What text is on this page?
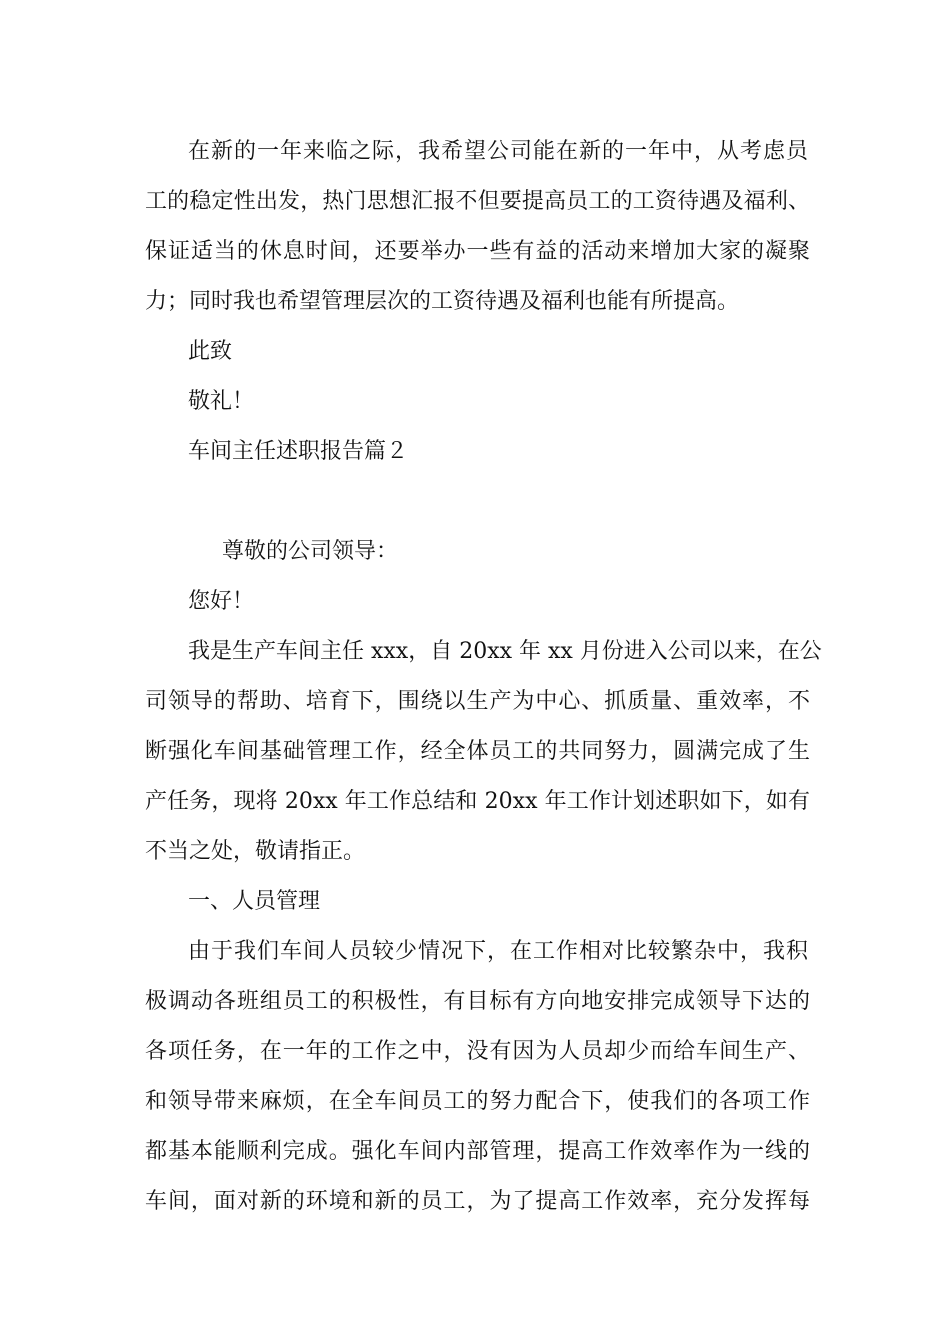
在新的一年来临之际，我希望公司能在新的一年中，从考虑员
工的稳定性出发，热门思想汇报不但要提高员工的工资待遇及福利、
保证适当的休息时间，还要举办一些有益的活动来增加大家的凝聚
力；同时我也希望管理层次的工资待遇及福利也能有所提高。
此致
敬礼！
车间主任述职报告篇２
尊敬的公司领导：
您好！
我是生产车间主任 xxx，自 20xx 年 xx 月份进入公司以来，在公
司领导的帮助、培育下，围绕以生产为中心、抓质量、重效率，不
断强化车间基础管理工作，经全体员工的共同努力，圆满完成了生
产任务，现将 20xx 年工作总结和 20xx 年工作计划述职如下，如有
不当之处，敬请指正。
一、人员管理
由于我们车间人员较少情况下，在工作相对比较繁杂中，我积
极调动各班组员工的积极性，有目标有方向地安排完成领导下达的
各项任务，在一年的工作之中，没有因为人员却少而给车间生产、
和领导带来麻烦，在全车间员工的努力配合下，使我们的各项工作
都基本能顺利完成。强化车间内部管理，提高工作效率作为一线的
车间，面对新的环境和新的员工，为了提高工作效率，充分发挥每
